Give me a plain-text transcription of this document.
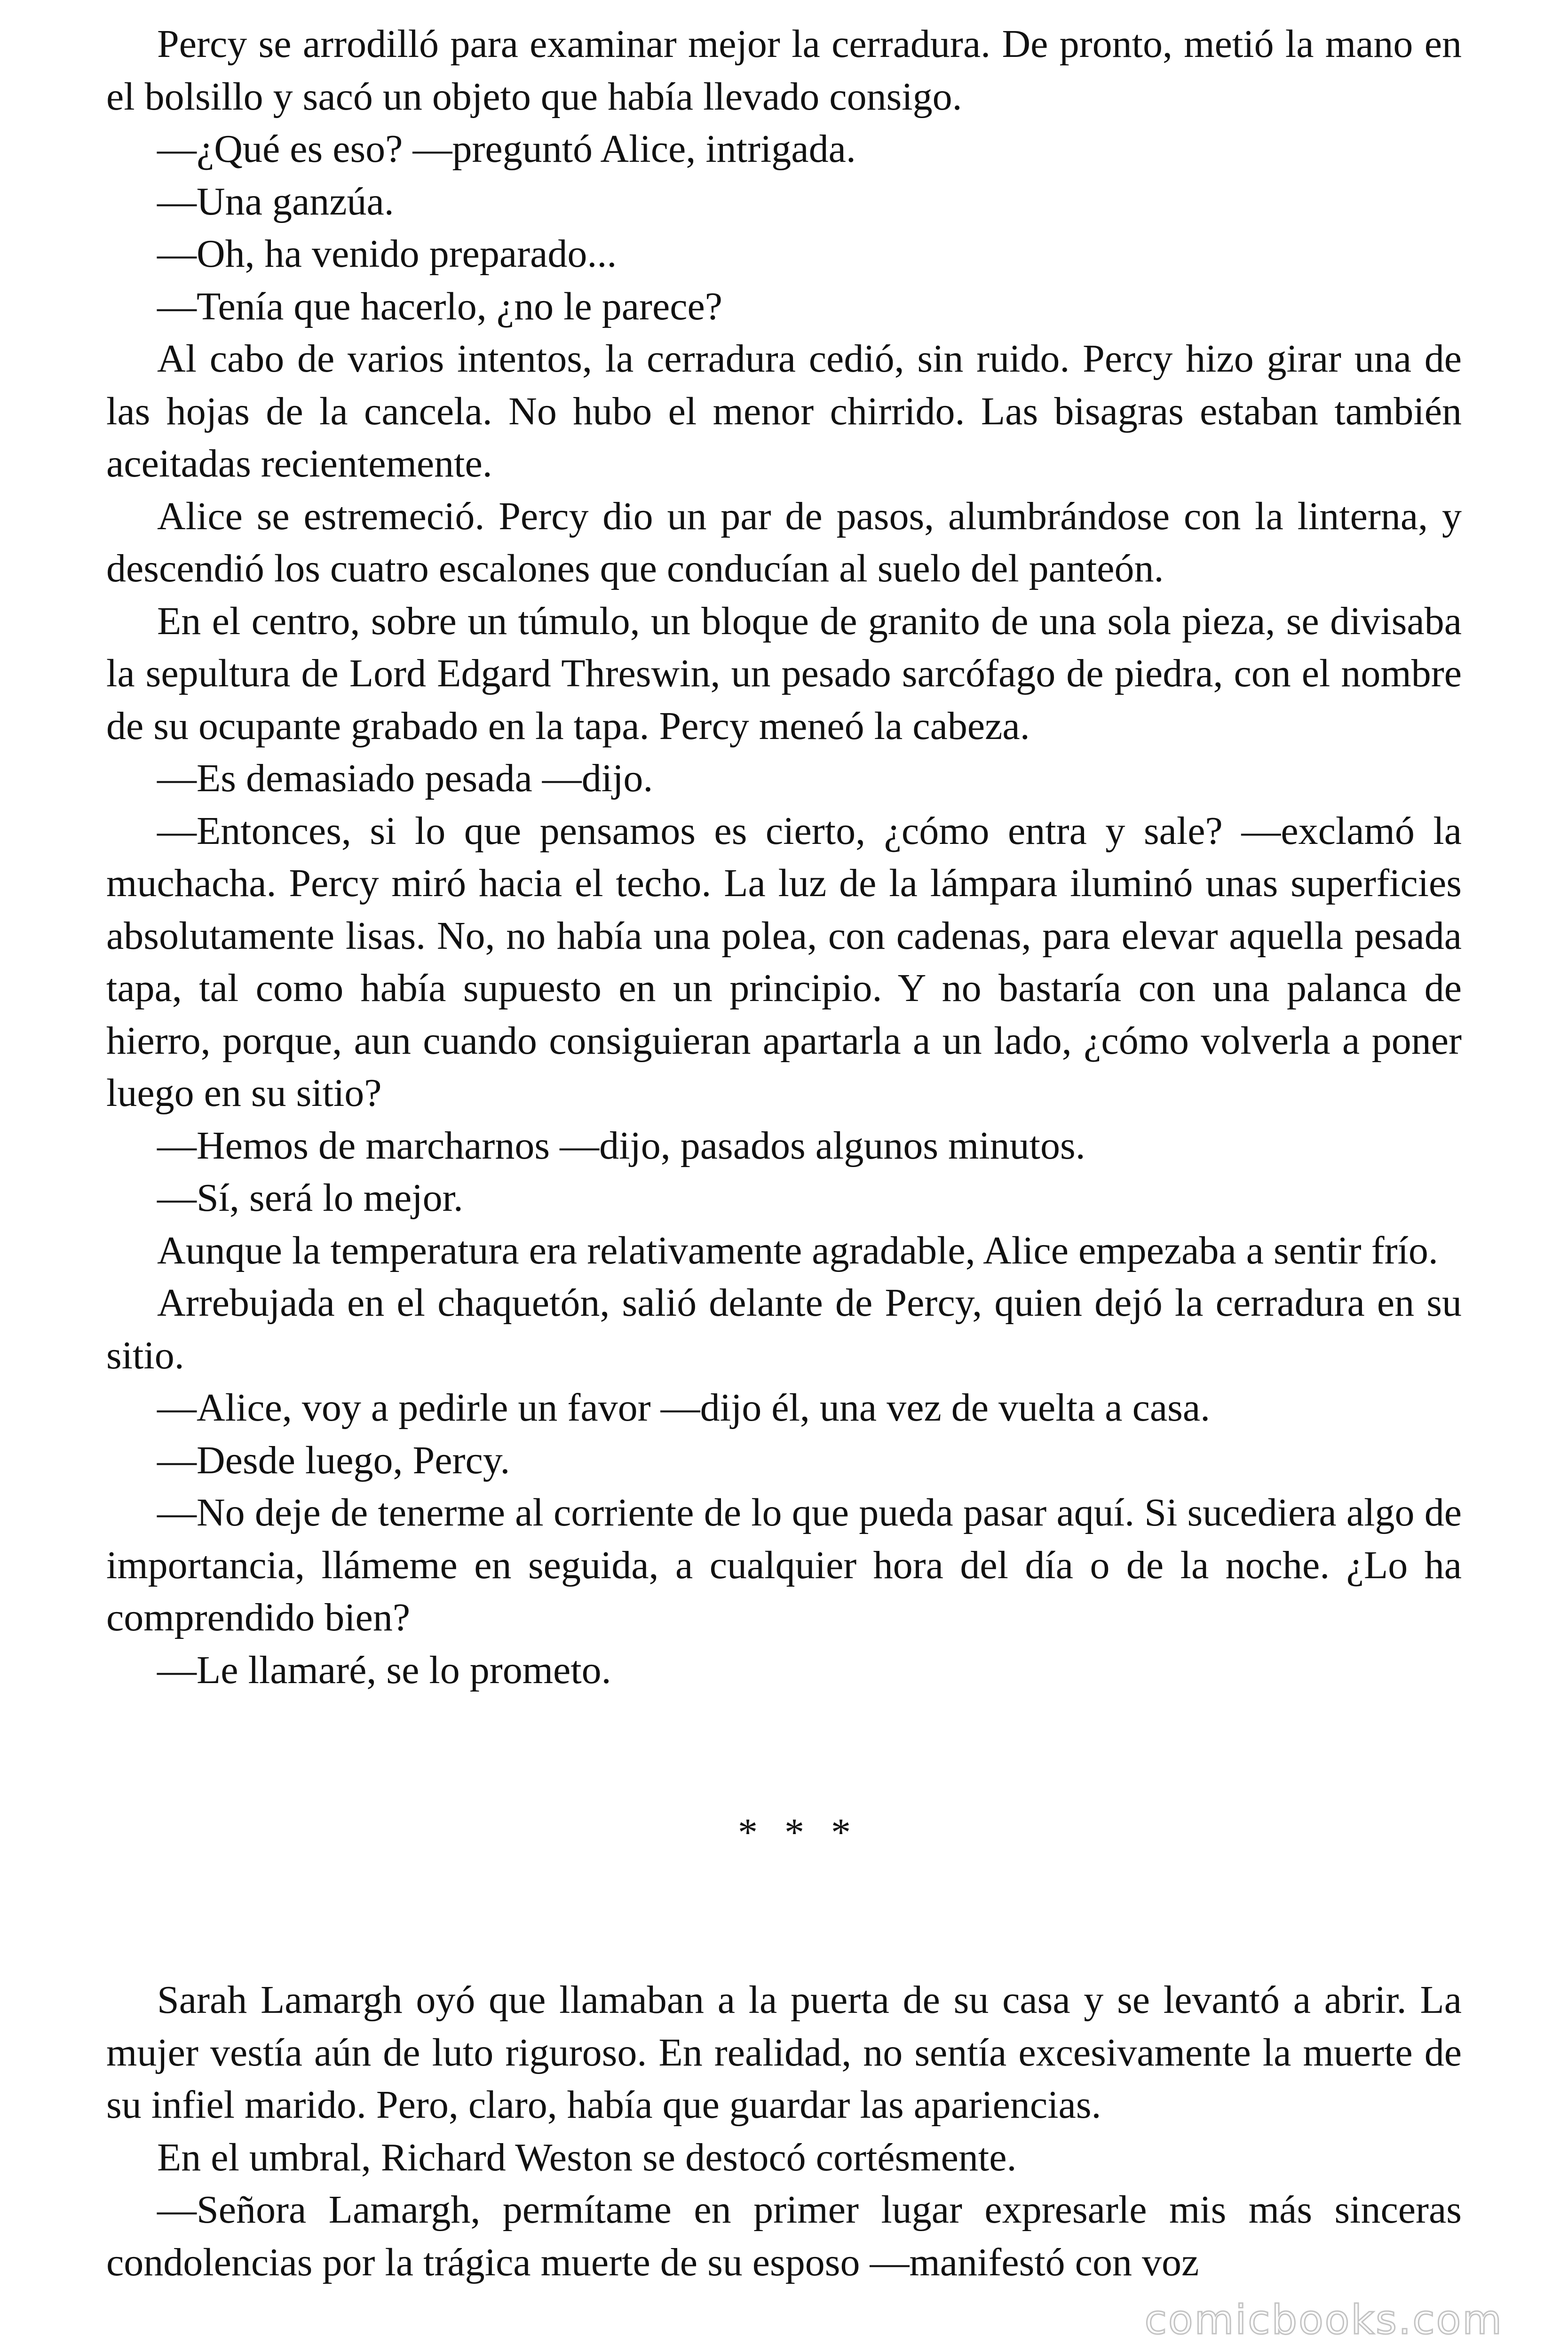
Percy se arrodilló para examinar mejor la cerradura. De pronto, metió la mano en el bolsillo y sacó un objeto que había llevado consigo.

—¿Qué es eso? —preguntó Alice, intrigada.

—Una ganzúa.

—Oh, ha venido preparado...

—Tenía que hacerlo, ¿no le parece?

Al cabo de varios intentos, la cerradura cedió, sin ruido. Percy hizo girar una de las hojas de la cancela. No hubo el menor chirrido. Las bisagras estaban también aceitadas recientemente.

Alice se estremeció. Percy dio un par de pasos, alumbrándose con la linterna, y descendió los cuatro escalones que conducían al suelo del panteón.

En el centro, sobre un túmulo, un bloque de granito de una sola pieza, se divisaba la sepultura de Lord Edgard Threswin, un pesado sarcófago de piedra, con el nombre de su ocupante grabado en la tapa. Percy meneó la cabeza.

—Es demasiado pesada —dijo.

—Entonces, si lo que pensamos es cierto, ¿cómo entra y sale? —exclamó la muchacha. Percy miró hacia el techo. La luz de la lámpara iluminó unas superficies absolutamente lisas. No, no había una polea, con cadenas, para elevar aquella pesada tapa, tal como había supuesto en un principio. Y no bastaría con una palanca de hierro, porque, aun cuando consiguieran apartarla a un lado, ¿cómo volverla a poner luego en su sitio?

—Hemos de marcharnos —dijo, pasados algunos minutos.

—Sí, será lo mejor.

Aunque la temperatura era relativamente agradable, Alice empezaba a sentir frío.

Arrebujada en el chaquetón, salió delante de Percy, quien dejó la cerradura en su sitio.

—Alice, voy a pedirle un favor —dijo él, una vez de vuelta a casa.

—Desde luego, Percy.

—No deje de tenerme al corriente de lo que pueda pasar aquí. Si sucediera algo de importancia, llámeme en seguida, a cualquier hora del día o de la noche. ¿Lo ha comprendido bien?

—Le llamaré, se lo prometo.

* * *

Sarah Lamargh oyó que llamaban a la puerta de su casa y se levantó a abrir. La mujer vestía aún de luto riguroso. En realidad, no sentía excesivamente la muerte de su infiel marido. Pero, claro, había que guardar las apariencias.

En el umbral, Richard Weston se destocó cortésmente.

—Señora Lamargh, permítame en primer lugar expresarle mis más sinceras condolencias por la trágica muerte de su esposo —manifestó con voz

comicbooks.com
